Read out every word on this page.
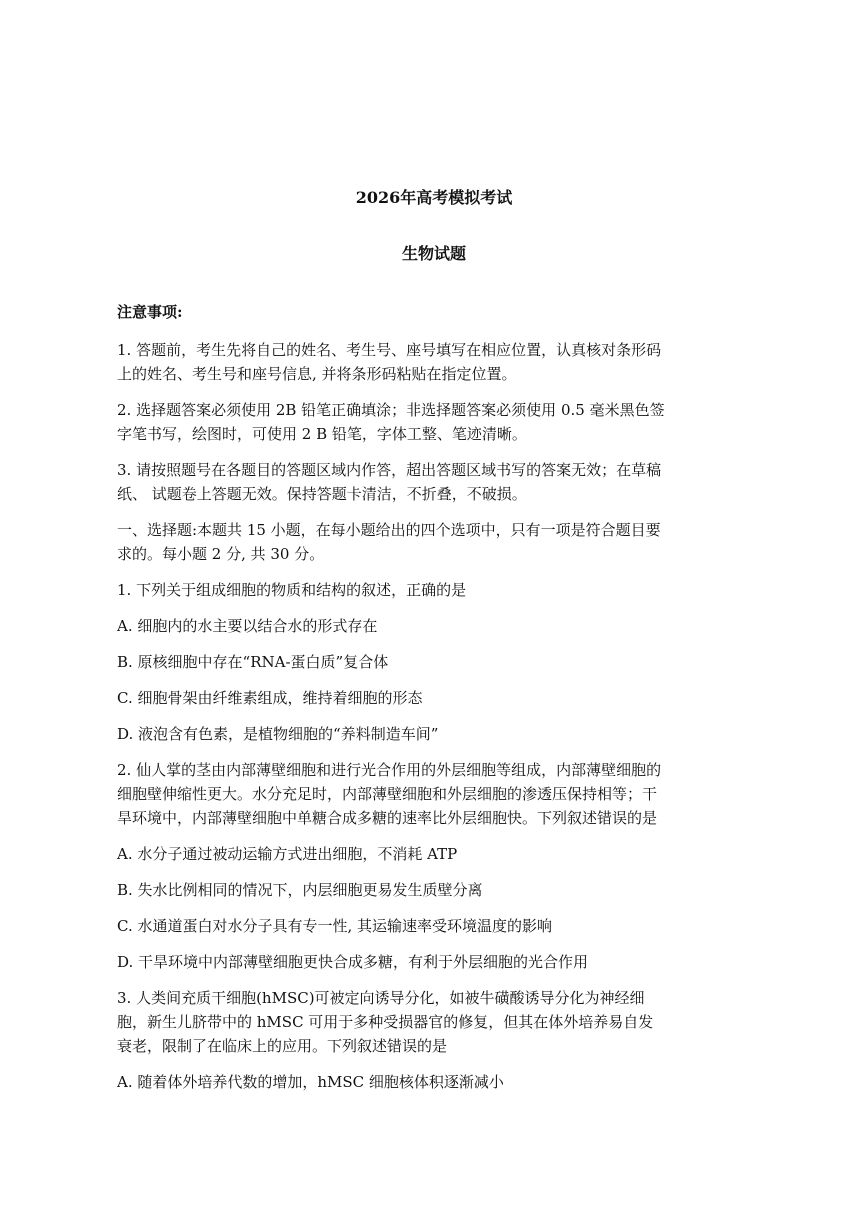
2026年高考模拟考试
生物试题
注意事项:
1. 答题前，考生先将自己的姓名、考生号、座号填写在相应位置，认真核对条形码
上的姓名、考生号和座号信息, 并将条形码粘贴在指定位置。
2. 选择题答案必须使用 2B 铅笔正确填涂；非选择题答案必须使用 0.5 毫米黑色签
字笔书写，绘图时，可使用 2 B 铅笔，字体工整、笔迹清晰。
3. 请按照题号在各题目的答题区域内作答，超出答题区域书写的答案无效；在草稿
纸、 试题卷上答题无效。保持答题卡清洁，不折叠，不破损。
一、选择题:本题共 15 小题，在每小题给出的四个选项中，只有一项是符合题目要
求的。每小题 2 分, 共 30 分。
1. 下列关于组成细胞的物质和结构的叙述，正确的是
A. 细胞内的水主要以结合水的形式存在
B. 原核细胞中存在“RNA-蛋白质”复合体
C. 细胞骨架由纤维素组成，维持着细胞的形态
D. 液泡含有色素，是植物细胞的“养料制造车间”
2. 仙人掌的茎由内部薄壁细胞和进行光合作用的外层细胞等组成，内部薄壁细胞的
细胞壁伸缩性更大。水分充足时，内部薄壁细胞和外层细胞的渗透压保持相等；干
旱环境中，内部薄壁细胞中单糖合成多糖的速率比外层细胞快。下列叙述错误的是
A. 水分子通过被动运输方式进出细胞，不消耗 ATP
B. 失水比例相同的情况下，内层细胞更易发生质壁分离
C. 水通道蛋白对水分子具有专一性, 其运输速率受环境温度的影响
D. 干旱环境中内部薄壁细胞更快合成多糖，有利于外层细胞的光合作用
3. 人类间充质干细胞(hMSC)可被定向诱导分化，如被牛磺酸诱导分化为神经细
胞，新生儿脐带中的 hMSC 可用于多种受损器官的修复，但其在体外培养易自发
衰老，限制了在临床上的应用。下列叙述错误的是
A. 随着体外培养代数的增加，hMSC 细胞核体积逐渐减小
